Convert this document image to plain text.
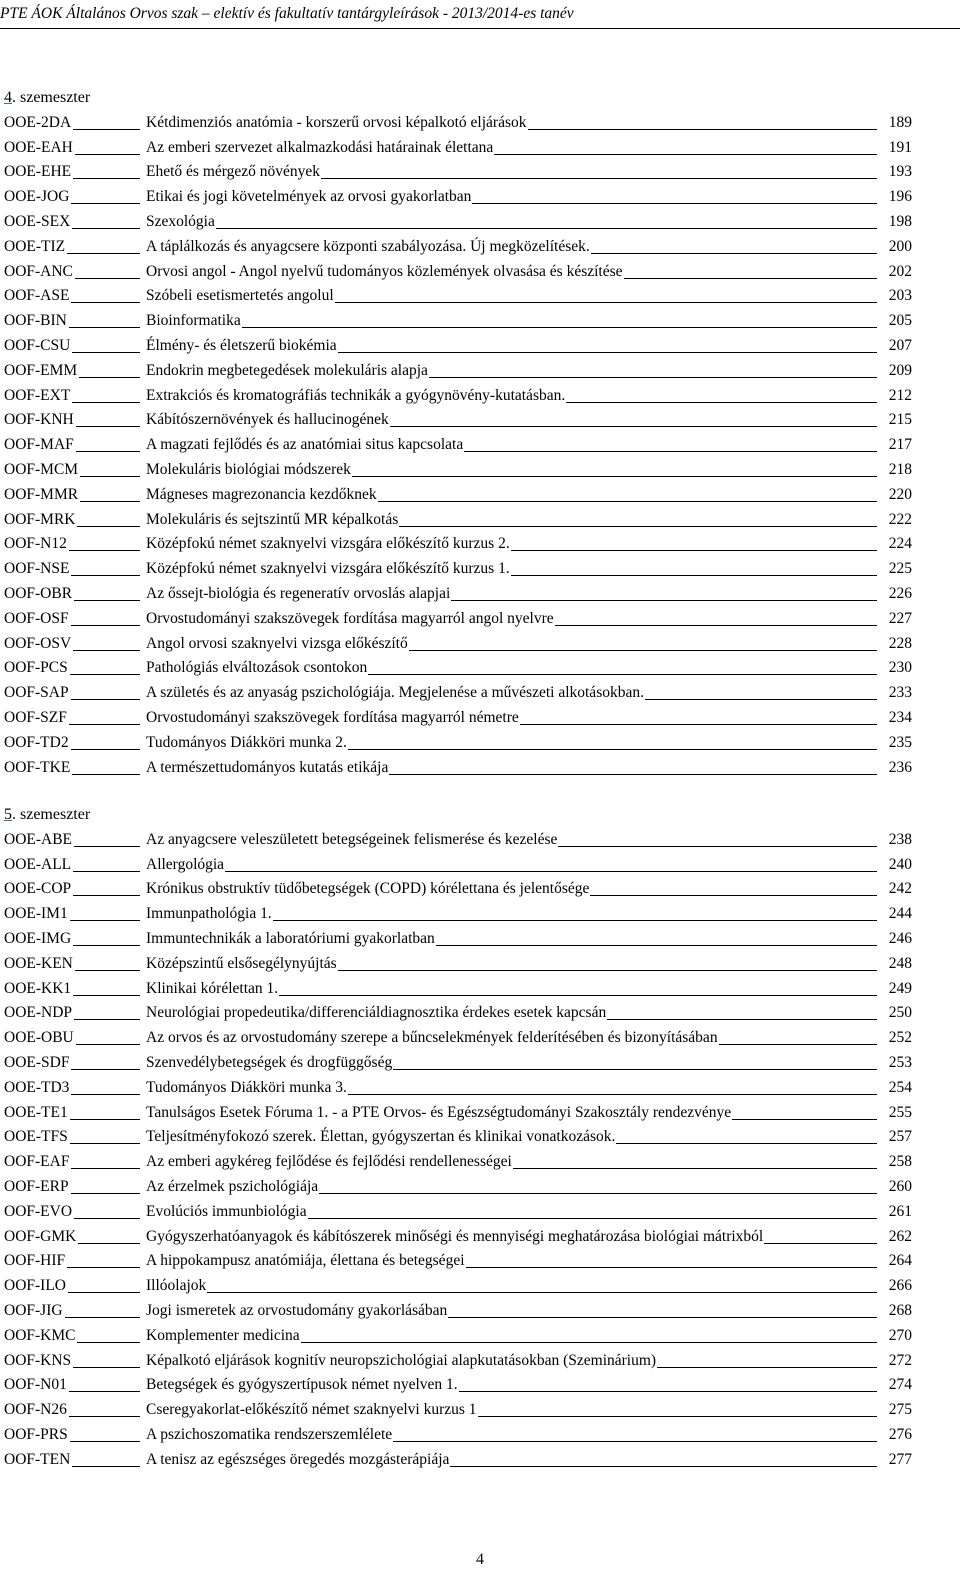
PTE ÁOK Általános Orvos szak – elektív és fakultatív tantárgyleírások - 2013/2014-es tanév
4. szemeszter
OOE-2DA	Kétdimenziós anatómia - korszerű orvosi képalkotó eljárások	189
OOE-EAH	Az emberi szervezet alkalmazkodási határainak élettana	191
OOE-EHE	Ehető és mérgező növények	193
OOE-JOG	Etikai és jogi követelmények az orvosi gyakorlatban	196
OOE-SEX	Szexológia	198
OOE-TIZ	A táplálkozás és anyagcsere központi szabályozása. Új megközelítések.	200
OOF-ANC	Orvosi angol - Angol nyelvű tudományos közlemények olvasása és készítése	202
OOF-ASE	Szóbeli esetismertetés angolul	203
OOF-BIN	Bioinformatika	205
OOF-CSU	Élmény- és életszerű biokémia	207
OOF-EMM	Endokrin megbetegedések molekuláris alapja	209
OOF-EXT	Extrakciós és kromatográfiás technikák a gyógynövény-kutatásban.	212
OOF-KNH	Kábítószernövények és hallucinogének	215
OOF-MAF	A magzati fejlődés és az anatómiai situs kapcsolata	217
OOF-MCM	Molekuláris biológiai módszerek	218
OOF-MMR	Mágneses magrezonancia kezdőknek	220
OOF-MRK	Molekuláris és sejtszintű MR képalkotás	222
OOF-N12	Középfokú német szaknyelvi vizsgára előkészítő kurzus 2.	224
OOF-NSE	Középfokú német szaknyelvi vizsgára előkészítő kurzus 1.	225
OOF-OBR	Az őssejt-biológia és regeneratív orvoslás alapjai	226
OOF-OSF	Orvostudományi szakszövegek fordítása magyarról angol nyelvre	227
OOF-OSV	Angol orvosi szaknyelvi vizsga előkészítő	228
OOF-PCS	Pathológiás elváltozások csontokon	230
OOF-SAP	A születés és az anyaság pszichológiája. Megjelenése a művészeti alkotásokban.	233
OOF-SZF	Orvostudományi szakszövegek fordítása magyarról németre	234
OOF-TD2	Tudományos Diákköri munka 2.	235
OOF-TKE	A természettudományos kutatás etikája	236
5. szemeszter
OOE-ABE	Az anyagcsere veleszületett betegségeinek felismerése és kezelése	238
OOE-ALL	Allergológia	240
OOE-COP	Krónikus obstruktív tüdőbetegségek (COPD) kórélettana és jelentősége	242
OOE-IM1	Immunpathológia 1.	244
OOE-IMG	Immuntechnikák a laboratóriumi gyakorlatban	246
OOE-KEN	Középszintű elsősegélynyújtás	248
OOE-KK1	Klinikai kórélettan 1.	249
OOE-NDP	Neurológiai propedeutika/differenciáldiagnosztika érdekes esetek kapcsán	250
OOE-OBU	Az orvos és az orvostudomány szerepe a bűncselekmények felderítésében és bizonyításában	252
OOE-SDF	Szenvedélybetegségek és drogfüggőség	253
OOE-TD3	Tudományos Diákköri munka 3.	254
OOE-TE1	Tanulságos Esetek Fóruma 1. - a PTE Orvos- és Egészségtudományi Szakosztály rendezvénye	255
OOE-TFS	Teljesítményfokozó szerek. Élettan, gyógyszertan és klinikai vonatkozások.	257
OOF-EAF	Az emberi agykéreg fejlődése és fejlődési rendellenességei	258
OOF-ERP	Az érzelmek pszichológiája	260
OOF-EVO	Evolúciós immunbiológia	261
OOF-GMK	Gyógyszerhatóanyagok és kábítószerek minőségi és mennyiségi meghatározása biológiai mátrixból	262
OOF-HIF	A hippokampusz anatómiája, élettana és betegségei	264
OOF-ILO	Illóolajok	266
OOF-JIG	Jogi ismeretek az orvostudomány gyakorlásában	268
OOF-KMC	Komplementer medicina	270
OOF-KNS	Képalkotó eljárások kognitív neuropszichológiai alapkutatásokban (Szeminárium)	272
OOF-N01	Betegségek és gyógyszertípusok német nyelven 1.	274
OOF-N26	Cseregyakorlat-előkészítő német szaknyelvi kurzus 1	275
OOF-PRS	A pszichoszomatika rendszerszemlélete	276
OOF-TEN	A tenisz az egészséges öregedés mozgásterápiája	277
4
